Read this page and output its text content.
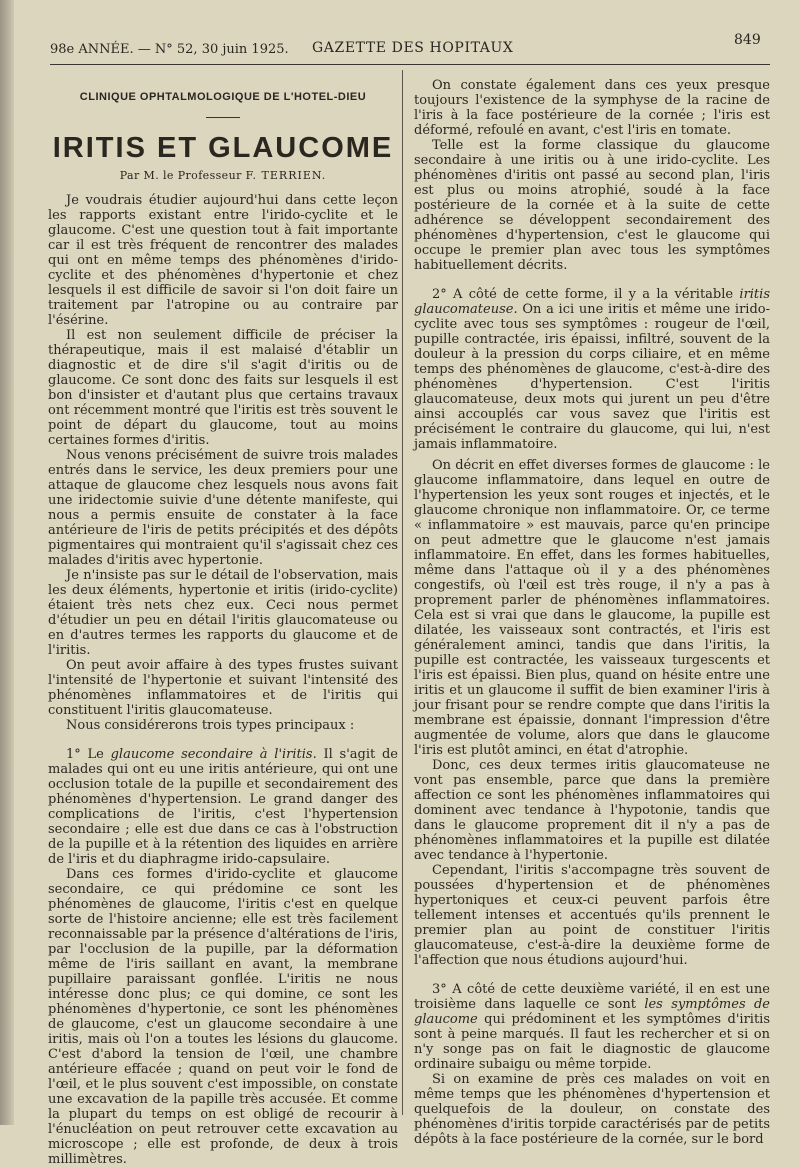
98e ANNÉE. — N° 52, 30 juin 1925. GAZETTE DES HOPITAUX	849
CLINIQUE OPHTALMOLOGIQUE DE L'HOTEL-DIEU
IRITIS ET GLAUCOME
Par M. le Professeur F. TERRIEN.

Je voudrais étudier aujourd'hui dans cette leçon les rapports existant entre l'irido-cyclite et le glaucome. C'est une question tout à fait importante car il est très fréquent de rencontrer des malades qui ont en même temps des phénomènes d'irido-cyclite et des phénomènes d'hypertonie et chez lesquels il est difficile de savoir si l'on doit faire un traitement par l'atropine ou au contraire par l'ésérine.

Il est non seulement difficile de préciser la thérapeutique, mais il est malaisé d'établir un diagnostic et de dire s'il s'agit d'iritis ou de glaucome. Ce sont donc des faits sur lesquels il est bon d'insister et d'autant plus que certains travaux ont récemment montré que l'iritis est très souvent le point de départ du glaucome, tout au moins certaines formes d'iritis.

Nous venons précisément de suivre trois malades entrés dans le service, les deux premiers pour une attaque de glaucome chez lesquels nous avons fait une iridectomie suivie d'une détente manifeste, qui nous a permis ensuite de constater à la face antérieure de l'iris de petits précipités et des dépôts pigmentaires qui montraient qu'il s'agissait chez ces malades d'iritis avec hypertonie.

Je n'insiste pas sur le détail de l'observation, mais les deux éléments, hypertonie et iritis (irido-cyclite) étaient très nets chez eux. Ceci nous permet d'étudier un peu en détail l'iritis glaucomateuse ou en d'autres termes les rapports du glaucome et de l'iritis.

On peut avoir affaire à des types frustes suivant l'intensité de l'hypertonie et suivant l'intensité des phénomènes inflammatoires et de l'iritis qui constituent l'iritis glaucomateuse.

Nous considérerons trois types principaux :

1° Le glaucome secondaire à l'iritis. Il s'agit de malades qui ont eu une iritis antérieure, qui ont une occlusion totale de la pupille et secondairement des phénomènes d'hypertension. Le grand danger des complications de l'iritis, c'est l'hypertension secondaire ; elle est due dans ce cas à l'obstruction de la pupille et à la rétention des liquides en arrière de l'iris et du diaphragme irido-capsulaire.

Dans ces formes d'irido-cyclite et glaucome secondaire, ce qui prédomine ce sont les phénomènes de glaucome, l'iritis c'est en quelque sorte de l'histoire ancienne; elle est très facilement reconnaissable par la présence d'altérations de l'iris, par l'occlusion de la pupille, par la déformation même de l'iris saillant en avant, la membrane pupillaire paraissant gonflée. L'iritis ne nous intéresse donc plus; ce qui domine, ce sont les phénomènes d'hypertonie, ce sont les phénomènes de glaucome, c'est un glaucome secondaire à une iritis, mais où l'on a toutes les lésions du glaucome. C'est d'abord la tension de l'œil, une chambre antérieure effacée ; quand on peut voir le fond de l'œil, et le plus souvent c'est impossible, on constate une excavation de la papille très accusée. Et comme la plupart du temps on est obligé de recourir à l'énucléation on peut retrouver cette excavation au microscope ; elle est profonde, de deux à trois millimètres.

On constate également dans ces yeux presque toujours l'existence de la symphyse de la racine de l'iris à la face postérieure de la cornée ; l'iris est déformé, refoulé en avant, c'est l'iris en tomate.

Telle est la forme classique du glaucome secondaire à une iritis ou à une irido-cyclite. Les phénomènes d'iritis ont passé au second plan, l'iris est plus ou moins atrophié, soudé à la face postérieure de la cornée et à la suite de cette adhérence se développent secondairement des phénomènes d'hypertension, c'est le glaucome qui occupe le premier plan avec tous les symptômes habituellement décrits.

2° A côté de cette forme, il y a la véritable iritis glaucomateuse. On a ici une iritis et même une irido-cyclite avec tous ses symptômes : rougeur de l'œil, pupille contractée, iris épaissi, infiltré, souvent de la douleur à la pression du corps ciliaire, et en même temps des phénomènes de glaucome, c'est-à-dire des phénomènes d'hypertension. C'est l'iritis glaucomateuse, deux mots qui jurent un peu d'être ainsi accouplés car vous savez que l'iritis est précisément le contraire du glaucome, qui lui, n'est jamais inflammatoire.

On décrit en effet diverses formes de glaucome : le glaucome inflammatoire, dans lequel en outre de l'hypertension les yeux sont rouges et injectés, et le glaucome chronique non inflammatoire. Or, ce terme « inflammatoire » est mauvais, parce qu'en principe on peut admettre que le glaucome n'est jamais inflammatoire. En effet, dans les formes habituelles, même dans l'attaque où il y a des phénomènes congestifs, où l'œil est très rouge, il n'y a pas à proprement parler de phénomènes inflammatoires. Cela est si vrai que dans le glaucome, la pupille est dilatée, les vaisseaux sont contractés, et l'iris est généralement aminci, tandis que dans l'iritis, la pupille est contractée, les vaisseaux turgescents et l'iris est épaissi. Bien plus, quand on hésite entre une iritis et un glaucome il suffit de bien examiner l'iris à jour frisant pour se rendre compte que dans l'iritis la membrane est épaissie, donnant l'impression d'être augmentée de volume, alors que dans le glaucome l'iris est plutôt aminci, en état d'atrophie.

Donc, ces deux termes iritis glaucomateuse ne vont pas ensemble, parce que dans la première affection ce sont les phénomènes inflammatoires qui dominent avec tendance à l'hypotonie, tandis que dans le glaucome proprement dit il n'y a pas de phénomènes inflammatoires et la pupille est dilatée avec tendance à l'hypertonie.

Cependant, l'iritis s'accompagne très souvent de poussées d'hypertension et de phénomènes hypertoniques et ceux-ci peuvent parfois être tellement intenses et accentués qu'ils prennent le premier plan au point de constituer l'iritis glaucomateuse, c'est-à-dire la deuxième forme de l'affection que nous étudions aujourd'hui.

3° A côté de cette deuxième variété, il en est une troisième dans laquelle ce sont les symptômes de glaucome qui prédominent et les symptômes d'iritis sont à peine marqués. Il faut les rechercher et si on n'y songe pas on fait le diagnostic de glaucome ordinaire subaigu ou même torpide.

Si on examine de près ces malades on voit en même temps que les phénomènes d'hypertension et quelquefois de la douleur, on constate des phénomènes d'iritis torpide caractérisés par de petits dépôts à la face postérieure de la cornée, sur le bord
